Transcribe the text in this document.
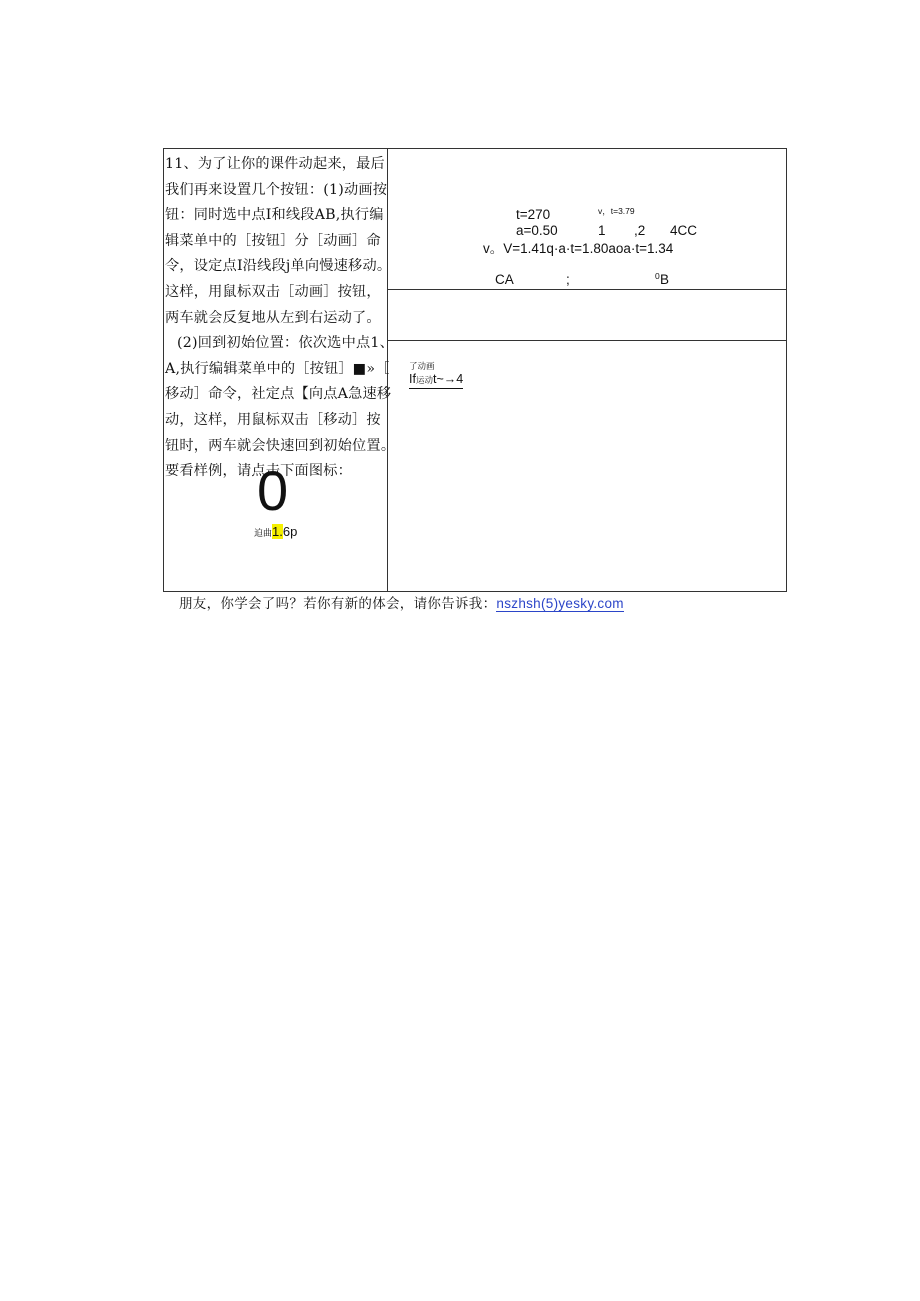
11、为了让你的课件动起来，最后
我们再来设置几个按钮：(1)动画按
钮：同时选中点I和线段AB,执行编
辑菜单中的［按钮］分［动画］命
令，设定点I沿线段j单向慢速移动。
这样，用鼠标双击［动画］按钮，
两车就会反复地从左到右运动了。
(2)回到初始位置：依次选中点1、
A,执行编辑菜单中的［按钮］■»［
移动］命令，社定点【向点A急速移
动，这样，用鼠标双击［移动］按
钮时，两车就会快速回到初始位置。
要看样例，请点击下面图标：
0
迫曲1.6p
t=270	v，t=3.79
a=0.50	1 ,2 4CC
v。V=1.41q·a·t=1.80aoa·t=1.34
CA	;	0 B
了动画
If运动t~→4
朋友，你学会了吗？若你有新的体会，请你告诉我：nszhsh(5)yesky.com
